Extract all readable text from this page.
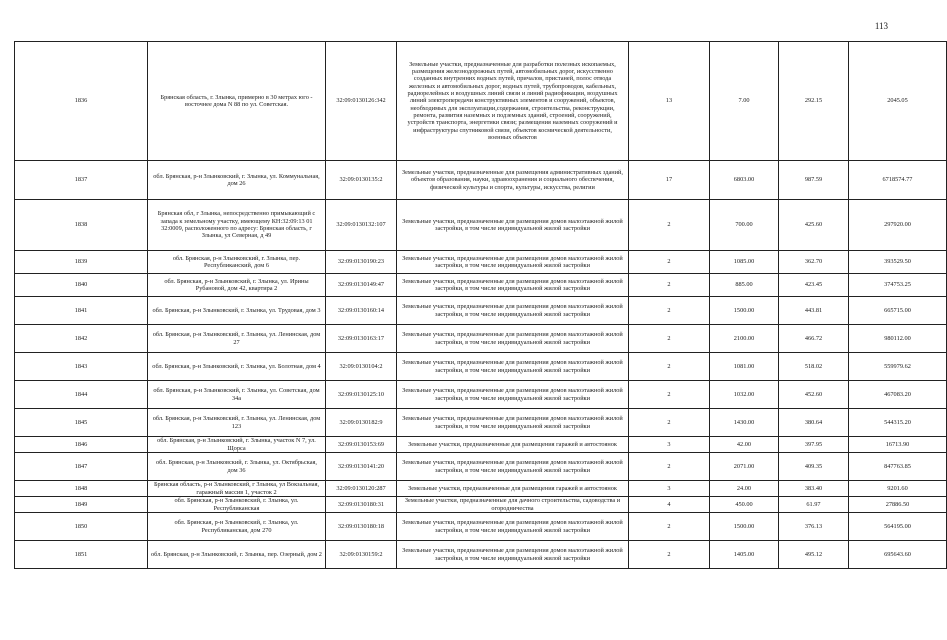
113
1836	Брянская область, г. Злынка, примерно в 30 метрах юго - восточнее дома N 88 по ул. Советская.	32:09:0130126:342	Земельные участки, предназначенные для разработки полезных ископаемых, размещения железнодорожных путей, автомобильных дорог, искусственно созданных внутренних водных путей, причалов, пристаней, полос отвода железных и автомобильных дорог, водных путей, трубопроводов, кабельных, радиорелейных и воздушных линий связи и линий радиофикации, воздушных линий электропередачи конструктивных элементов и сооружений, объектов, необходимых для эксплуатации,содержания, строительства, реконструкции, ремонта, развития наземных и подземных зданий, строений, сооружений, устройств транспорта, энергетики связи; размещения наземных сооружений и инфраструктуры спутниковой связи, объектов космической деятельности, военных объектов	13	7.00	292.15	2045.05
1837	обл. Брянская, р-н Злынковский, г. Злынка, ул. Коммунальная, дом 26	32:09:0130135:2	Земельные участки, предназначенные для размещения административных зданий, объектов образования, науки, здравоохранения и социального обеспечения, физической культуры и спорта, культуры, искусства, религии	17	6803.00	987.59	6718574.77
1838	Брянская обл, г Злынка, непосредственно примыкающий с запада к земельному участку, имеющему КН:32:09:13 01 32:0009, расположенного по адресу: Брянская область, г Злынка, ул Северная, д 49	32:09:0130132:107	Земельные участки, предназначенные для размещения домов малоэтажной жилой застройки, в том числе индивидуальной жилой застройки	2	700.00	425.60	297920.00
1839	обл. Брянская, р-н Злынковский, г. Злынка, пер. Республиканский, дом 6	32:09:0130190:23	Земельные участки, предназначенные для размещения домов малоэтажной жилой застройки, в том числе индивидуальной жилой застройки	2	1085.00	362.70	393529.50
1840	обл. Брянская, р-н Злынковский, г. Злынка, ул. Ирины Рубановой, дом 42, квартира 2	32:09:0130149:47	Земельные участки, предназначенные для размещения домов малоэтажной жилой застройки, в том числе индивидуальной жилой застройки	2	885.00	423.45	374753.25
1841	обл. Брянская, р-н Злынковский, г. Злынка, ул. Трудовая, дом 3	32:09:0130160:14	Земельные участки, предназначенные для размещения домов малоэтажной жилой застройки, в том числе индивидуальной жилой застройки	2	1500.00	443.81	665715.00
1842	обл. Брянская, р-н Злынковский, г. Злынка, ул. Ленинская, дом 27	32:09:0130163:17	Земельные участки, предназначенные для размещения домов малоэтажной жилой застройки, в том числе индивидуальной жилой застройки	2	2100.00	466.72	980112.00
1843	обл. Брянская, р-н Злынковский, г. Злынка, ул. Болотная, дом 4	32:09:0130104:2	Земельные участки, предназначенные для размещения домов малоэтажной жилой застройки, в том числе индивидуальной жилой застройки	2	1081.00	518.02	559979.62
1844	обл. Брянская, р-н Злынковский, г. Злынка, ул. Советская, дом 34а	32:09:0130125:10	Земельные участки, предназначенные для размещения домов малоэтажной жилой застройки, в том числе индивидуальной жилой застройки	2	1032.00	452.60	467083.20
1845	обл. Брянская, р-н Злынковский, г. Злынка, ул. Ленинская, дом 123	32:09:0130182:9	Земельные участки, предназначенные для размещения домов малоэтажной жилой застройки, в том числе индивидуальной жилой застройки	2	1430.00	380.64	544315.20
1846	обл. Брянская, р-н Злынковский, г. Злынка, участок N 7, ул. Щорса	32:09:0130153:69	Земельные участки, предназначенные для размещения гаражей и автостоянок	3	42.00	397.95	16713.90
1847	обл. Брянская, р-н Злынковский, г. Злынка, ул. Октябрьская, дом 36	32:09:0130141:20	Земельные участки, предназначенные для размещения домов малоэтажной жилой застройки, в том числе индивидуальной жилой застройки	2	2071.00	409.35	847763.85
1848	Брянская область, р-н Злынковский, г Злынка, ул Вокзальная, гаражный массив 1, участок 2	32:09:0130120:287	Земельные участки, предназначенные для размещения гаражей и автостоянок	3	24.00	383.40	9201.60
1849	обл. Брянская, р-н Злынковский, г. Злынка, ул. Республиканская	32:09:0130180:31	Земельные участки, предназначенные для дачного строительства, садоводства и огородничества	4	450.00	61.97	27886.50
1850	обл. Брянская, р-н Злынковский, г. Злынка, ул. Республиканская, дом 270	32:09:0130180:18	Земельные участки, предназначенные для размещения домов малоэтажной жилой застройки, в том числе индивидуальной жилой застройки	2	1500.00	376.13	564195.00
1851	обл. Брянская, р-н Злынковский, г. Злынка, пер. Озерный, дом 2	32:09:0130159:2	Земельные участки, предназначенные для размещения домов малоэтажной жилой застройки, в том числе индивидуальной жилой застройки	2	1405.00	495.12	695643.60
